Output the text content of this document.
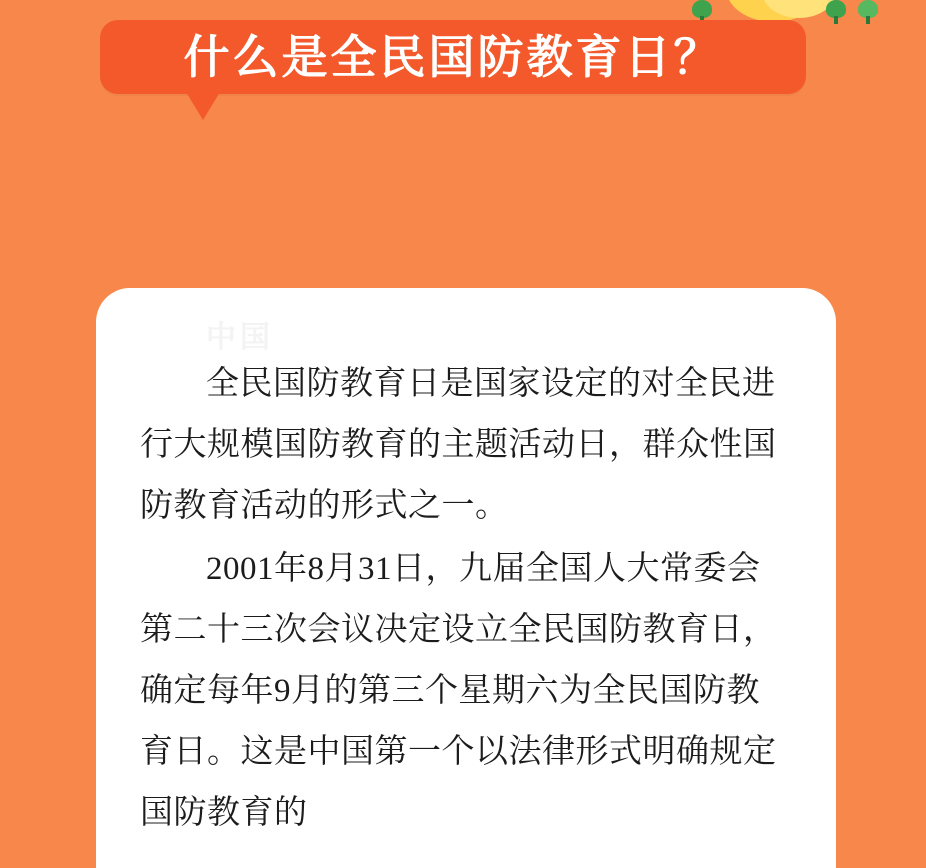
什么是全民国防教育日？
中国

全民国防教育日是国家设定的对全民进行大规模国防教育的主题活动日，群众性国防教育活动的形式之一。

2001年8月31日，九届全国人大常委会第二十三次会议决定设立全民国防教育日，确定每年9月的第三个星期六为全民国防教育日。这是中国第一个以法律形式明确规定国防教育的
